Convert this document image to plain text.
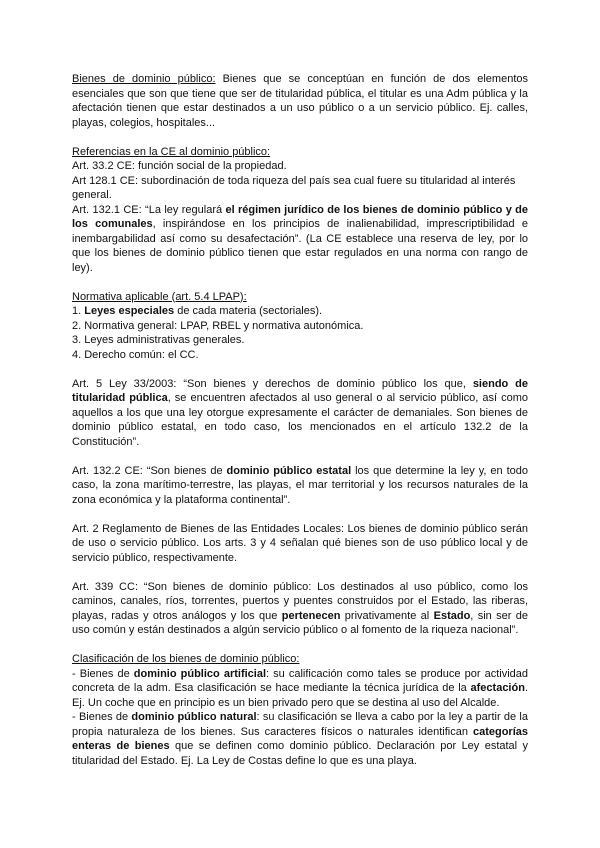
Bienes de dominio público: Bienes que se conceptúan en función de dos elementos esenciales que son que tiene que ser de titularidad pública, el titular es una Adm pública y la afectación tienen que estar destinados a un uso público o a un servicio público. Ej. calles, playas, colegios, hospitales...

Referencias en la CE al dominio público:

Art. 33.2 CE: función social de la propiedad.

Art 128.1 CE: subordinación de toda riqueza del país sea cual fuere su titularidad al interés general.

Art. 132.1 CE: “La ley regulará el régimen jurídico de los bienes de dominio público y de los comunales, inspirándose en los principios de inalienabilidad, imprescriptibilidad e inembargabilidad así como su desafectación”. (La CE establece una reserva de ley, por lo que los bienes de dominio público tienen que estar regulados en una norma con rango de ley).

Normativa aplicable (art. 5.4 LPAP):

1. Leyes especiales de cada materia (sectoriales).

2. Normativa general: LPAP, RBEL y normativa autonómica.

3. Leyes administrativas generales.

4. Derecho común: el CC.

Art. 5 Ley 33/2003: “Son bienes y derechos de dominio público los que, siendo de titularidad pública, se encuentren afectados al uso general o al servicio público, así como aquellos a los que una ley otorgue expresamente el carácter de demaniales. Son bienes de dominio público estatal, en todo caso, los mencionados en el artículo 132.2 de la Constitución”.

Art. 132.2 CE: “Son bienes de dominio público estatal los que determine la ley y, en todo caso, la zona marítimo-terrestre, las playas, el mar territorial y los recursos naturales de la zona económica y la plataforma continental”.

Art. 2 Reglamento de Bienes de las Entidades Locales: Los bienes de dominio público serán de uso o servicio público. Los arts. 3 y 4 señalan qué bienes son de uso público local y de servicio público, respectivamente.

Art. 339 CC: “Son bienes de dominio público: Los destinados al uso público, como los caminos, canales, ríos, torrentes, puertos y puentes construidos por el Estado, las riberas, playas, radas y otros análogos y los que pertenecen privativamente al Estado, sin ser de uso común y están destinados a algún servicio público o al fomento de la riqueza nacional”.

Clasificación de los bienes de dominio público:

- Bienes de dominio público artificial: su calificación como tales se produce por actividad concreta de la adm. Esa clasificación se hace mediante la técnica jurídica de la afectación. Ej. Un coche que en principio es un bien privado pero que se destina al uso del Alcalde.

- Bienes de dominio público natural: su clasificación se lleva a cabo por la ley a partir de la propia naturaleza de los bienes. Sus caracteres físicos o naturales identifican categorías enteras de bienes que se definen como dominio público. Declaración por Ley estatal y titularidad del Estado. Ej. La Ley de Costas define lo que es una playa.
